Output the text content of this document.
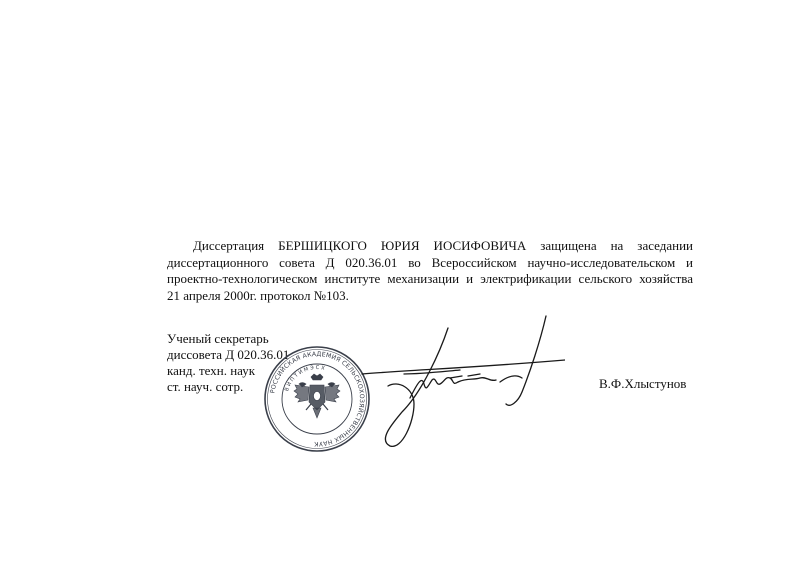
Диссертация БЕРШИЦКОГО ЮРИЯ ИОСИФОВИЧА защищена на заседании
диссертационного совета Д 020.36.01 во Всероссийском научно-исследовательском и
проектно-технологическом институте механизации и электрификации сельского хозяйства
21 апреля 2000г. протокол №103.
Ученый секретарь
диссовета Д 020.36.01
канд. техн. наук
ст. науч. сотр.	В.Ф.Хлыстунов
РОССИЙСКАЯ АКАДЕМИЯ СЕЛЬСКОХОЗЯЙСТВЕННЫХ НАУК
В И П Т И М Э С Х
